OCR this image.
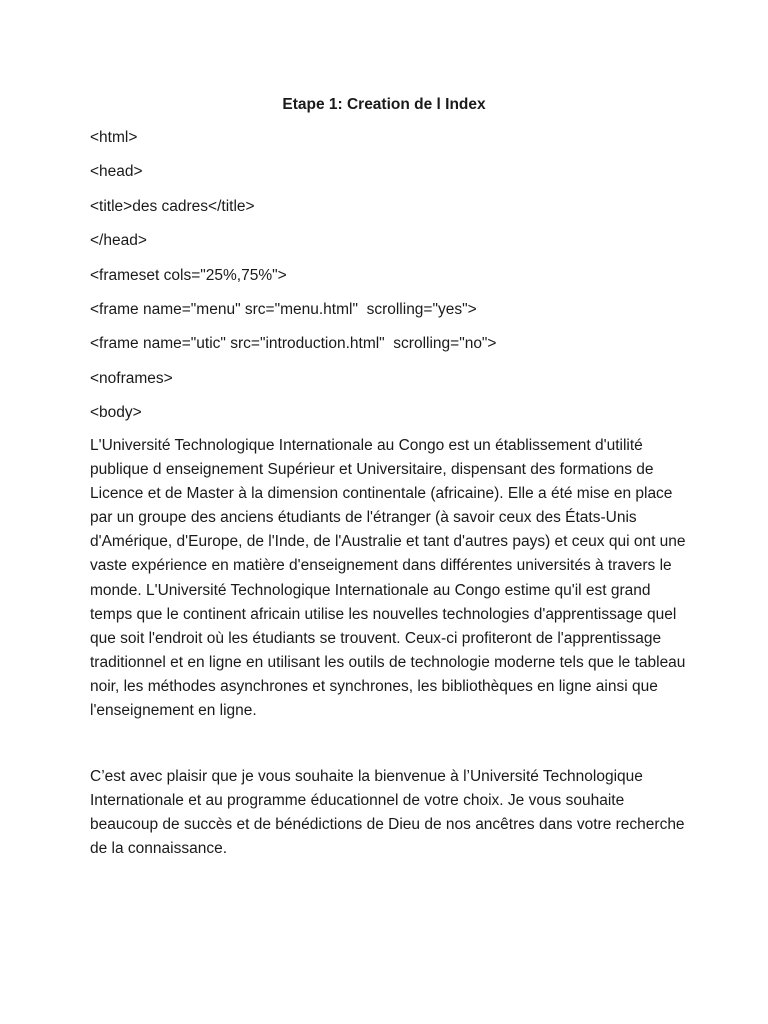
Etape 1: Creation de l Index
<html>
<head>
<title>des cadres</title>
</head>
<frameset cols="25%,75%">
<frame name="menu" src="menu.html"  scrolling="yes">
<frame name="utic" src="introduction.html"  scrolling="no">
<noframes>
<body>

L'Université Technologique Internationale au Congo est un établissement d'utilité publique d enseignement Supérieur et Universitaire, dispensant des formations de Licence et de Master à la dimension continentale (africaine). Elle a été mise en place par un groupe des anciens étudiants de l'étranger (à savoir ceux des États-Unis d'Amérique, d'Europe, de l'Inde, de l'Australie et tant d'autres pays) et ceux qui ont une vaste expérience en matière d'enseignement dans différentes universités à travers le monde. L'Université Technologique Internationale au Congo estime qu'il est grand temps que le continent africain utilise les nouvelles technologies d'apprentissage quel que soit l'endroit où les étudiants se trouvent. Ceux-ci profiteront de l'apprentissage traditionnel et en ligne en utilisant les outils de technologie moderne tels que le tableau noir, les méthodes asynchrones et synchrones, les bibliothèques en ligne ainsi que l'enseignement en ligne.

C’est avec plaisir que je vous souhaite la bienvenue à l’Université Technologique Internationale et au programme éducationnel de votre choix. Je vous souhaite beaucoup de succès et de bénédictions de Dieu de nos ancêtres dans votre recherche de la connaissance.
